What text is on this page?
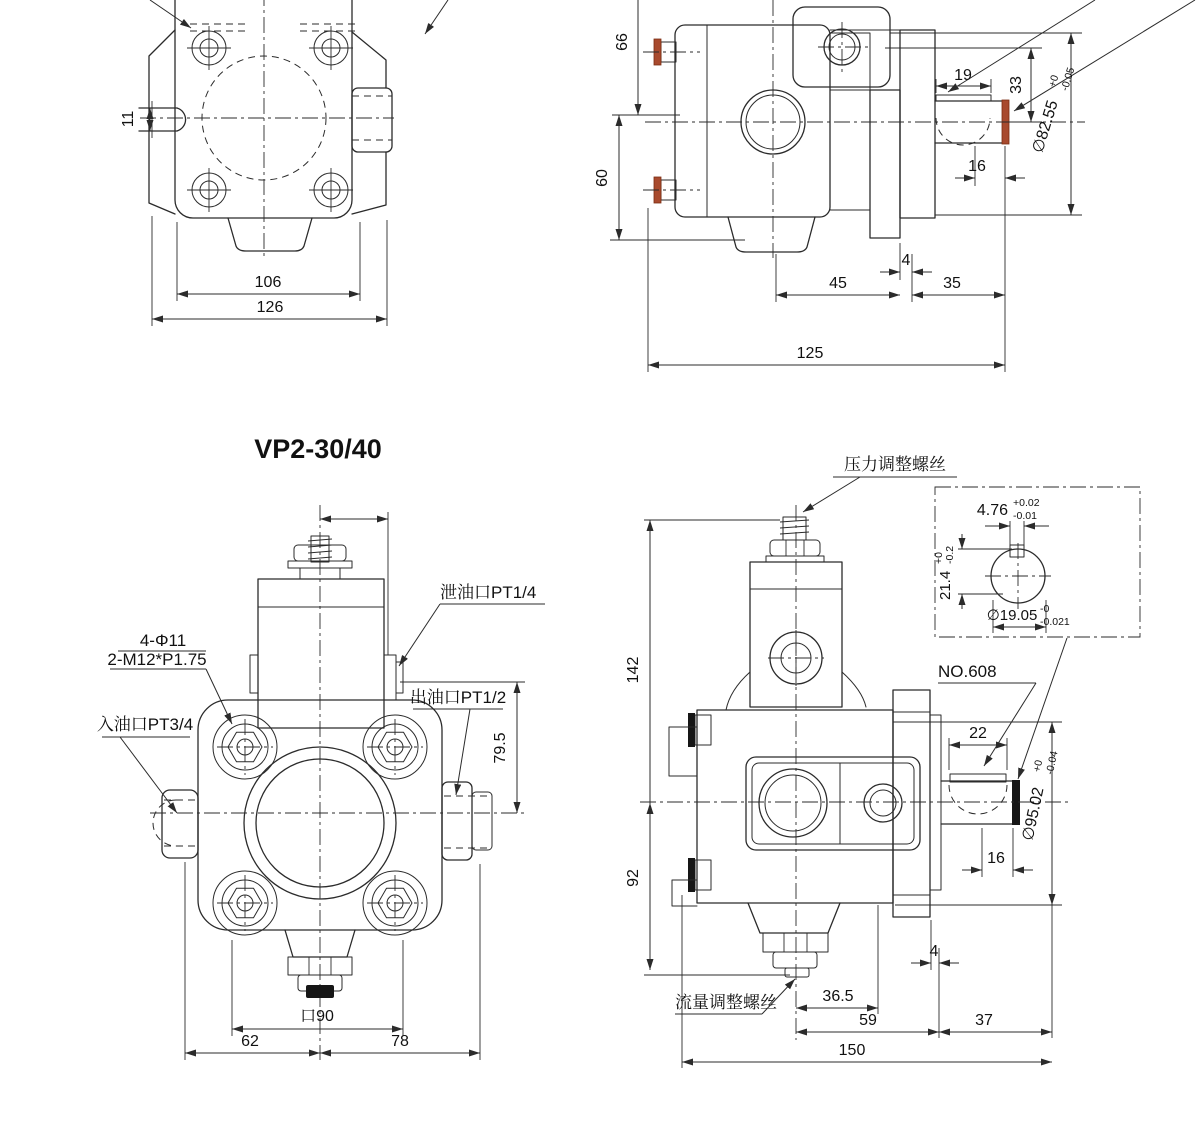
11
106
126
19
33
∅82.55
+0
-0.05
16
66
60
45
4
35
125
VP2-30/40
泄油口PT1/4
4-Φ11
2-M12*P1.75
入油口PT3/4
出油口PT1/2
79.5
口90
62	78
压力调整螺丝
流量调整螺丝
NO.608
142
92
22
∅95.02
+0
-0.04
16
4
36.5
59	37
150
4.76 +0.02
-0.01
21.4
+0 -0.2
∅19.05 -0
-0.021
